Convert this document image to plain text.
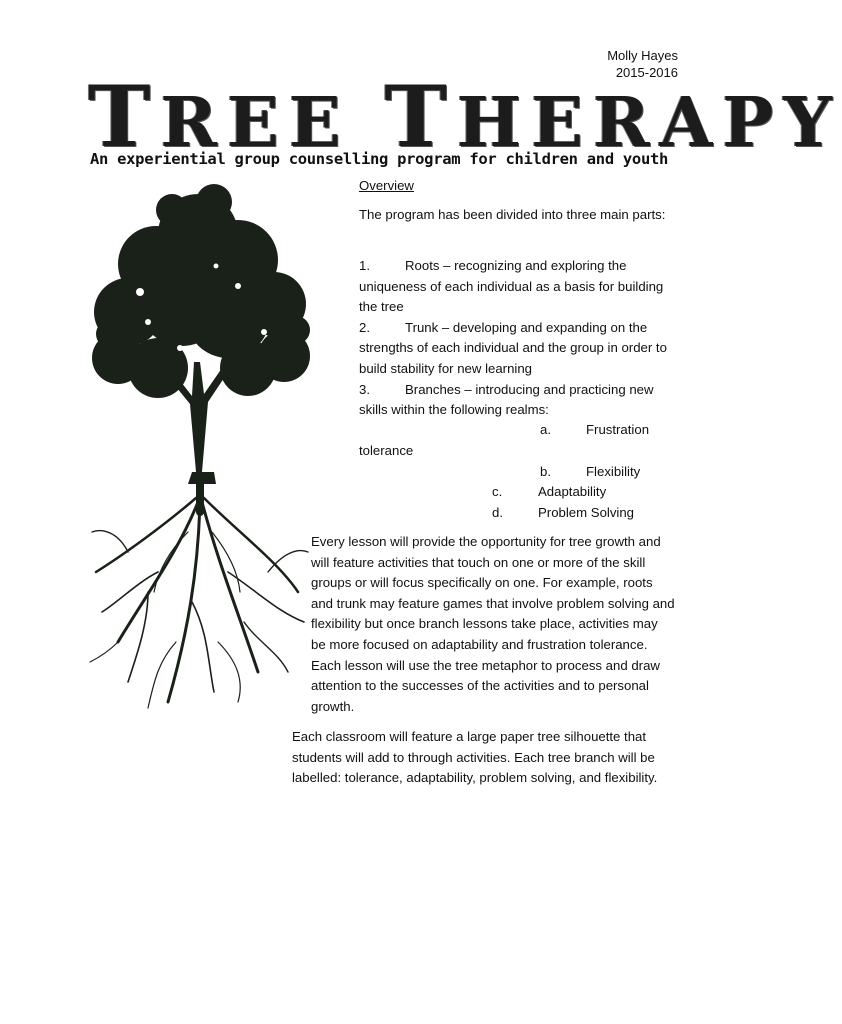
Molly Hayes
2015-2016
TREE THERAPY
An experiential group counselling program for children and youth
Overview
The program has been divided into three main parts:
1.	Roots – recognizing and exploring the uniqueness of each individual as a basis for building the tree
2.	Trunk – developing and expanding on the strengths of each individual and the group in order to build stability for new learning
3.	Branches – introducing and practicing new skills within the following realms:
a.	Frustration
tolerance
b.	Flexibility
c.	Adaptability
d.	Problem Solving
Every lesson will provide the opportunity for tree growth and will feature activities that touch on one or more of the skill groups or will focus specifically on one. For example, roots and trunk may feature games that involve problem solving and flexibility but once branch lessons take place, activities may be more focused on adaptability and frustration tolerance. Each lesson will use the tree metaphor to process and draw attention to the successes of the activities and to personal growth.
Each classroom will feature a large paper tree silhouette that students will add to through activities. Each tree branch will be labelled: tolerance, adaptability, problem solving, and flexibility.
